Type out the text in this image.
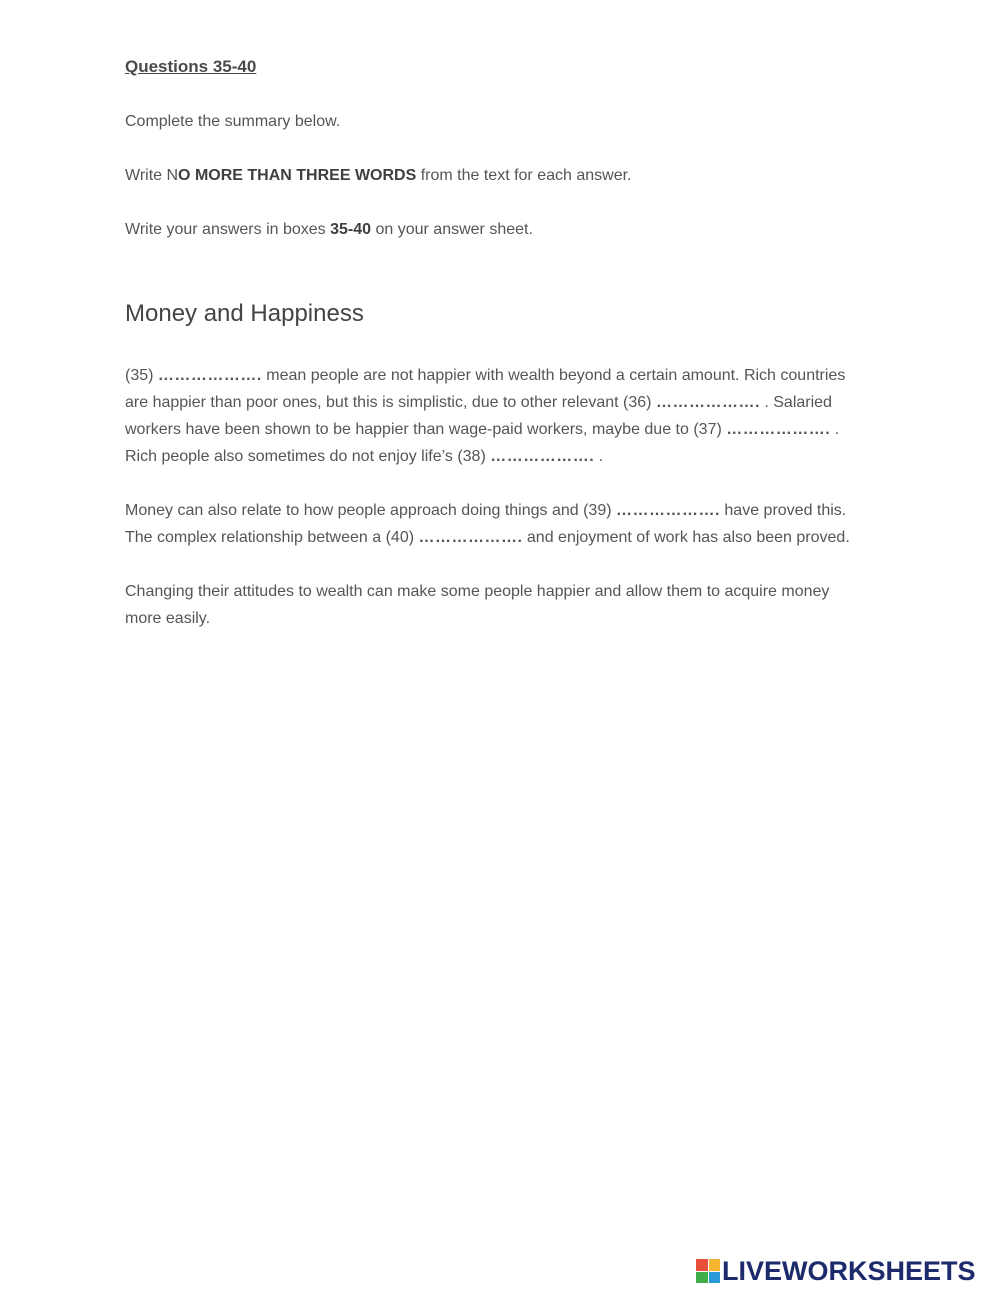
Questions 35-40
Complete the summary below.
Write NO MORE THAN THREE WORDS from the text for each answer.
Write your answers in boxes 35-40 on your answer sheet.
Money and Happiness
(35) ………………. mean people are not happier with wealth beyond a certain amount. Rich countries are happier than poor ones, but this is simplistic, due to other relevant (36) ………………. . Salaried workers have been shown to be happier than wage-paid workers, maybe due to (37) ………………. . Rich people also sometimes do not enjoy life’s (38) ………………. .
Money can also relate to how people approach doing things and (39) ………………. have proved this. The complex relationship between a (40) ………………. and enjoyment of work has also been proved.
Changing their attitudes to wealth can make some people happier and allow them to acquire money more easily.
LIVEWORKSHEETS
